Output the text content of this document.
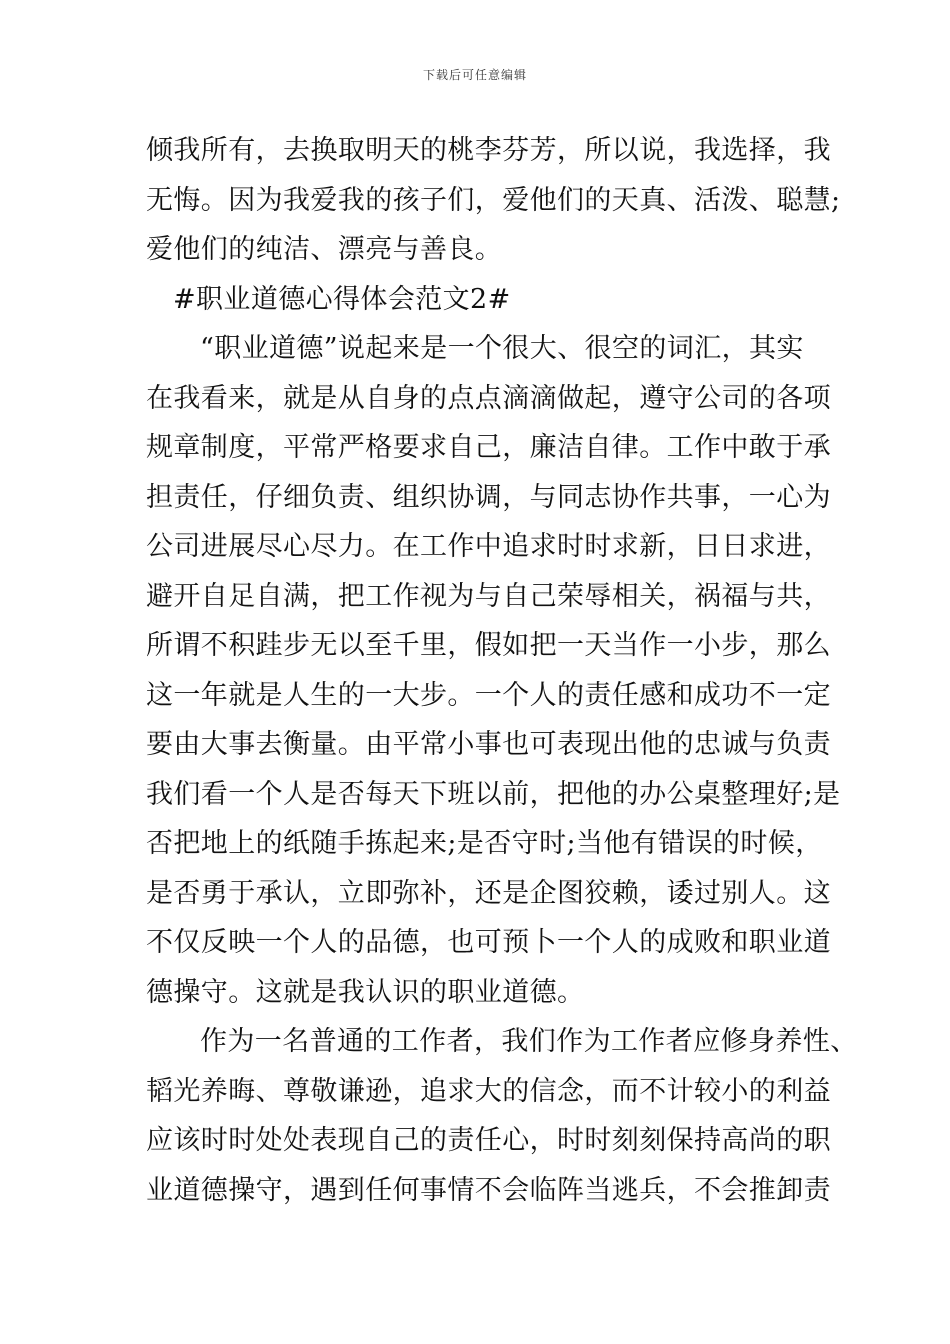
下载后可任意编辑
倾我所有，去换取明天的桃李芬芳，所以说，我选择，我
无悔。因为我爱我的孩子们，爱他们的天真、活泼、聪慧;
爱他们的纯洁、漂亮与善良。
#职业道德心得体会范文2#
“职业道德”说起来是一个很大、很空的词汇，其实
在我看来，就是从自身的点点滴滴做起，遵守公司的各项
规章制度，平常严格要求自己，廉洁自律。工作中敢于承
担责任，仔细负责、组织协调，与同志协作共事，一心为
公司进展尽心尽力。在工作中追求时时求新，日日求进，
避开自足自满，把工作视为与自己荣辱相关，祸福与共，
所谓不积跬步无以至千里，假如把一天当作一小步，那么
这一年就是人生的一大步。一个人的责任感和成功不一定
要由大事去衡量。由平常小事也可表现出他的忠诚与负责
我们看一个人是否每天下班以前，把他的办公桌整理好;是
否把地上的纸随手拣起来;是否守时;当他有错误的时候，
是否勇于承认，立即弥补，还是企图狡赖，诿过别人。这
不仅反映一个人的品德，也可预卜一个人的成败和职业道
德操守。这就是我认识的职业道德。
作为一名普通的工作者，我们作为工作者应修身养性、
韬光养晦、尊敬谦逊，追求大的信念，而不计较小的利益
应该时时处处表现自己的责任心，时时刻刻保持高尚的职
业道德操守，遇到任何事情不会临阵当逃兵，不会推卸责
